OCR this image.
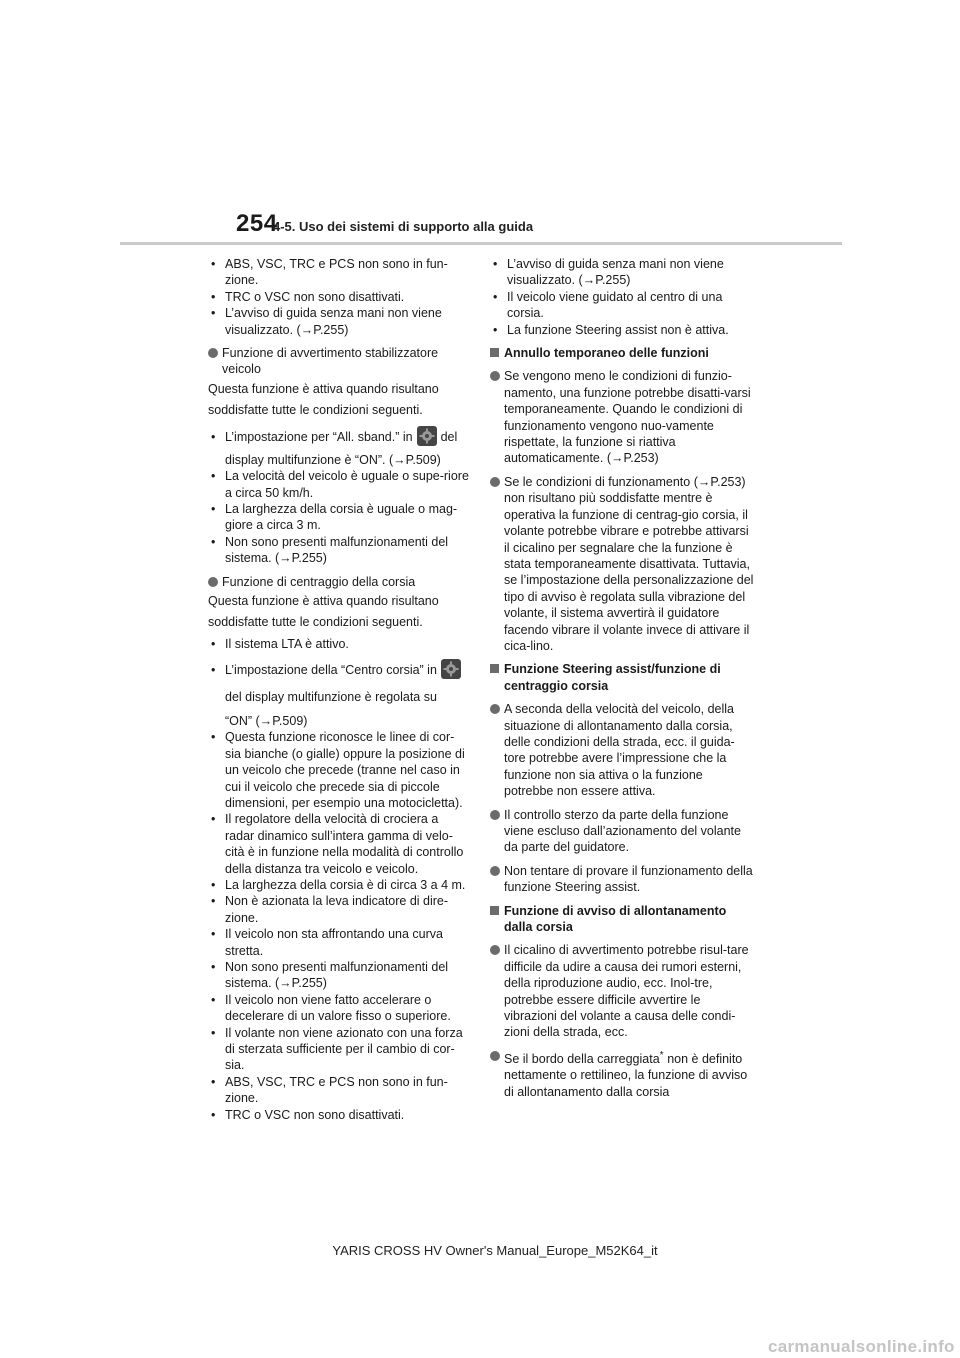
254
4-5. Uso dei sistemi di supporto alla guida
• ABS, VSC, TRC e PCS non sono in fun-zione.
• TRC o VSC non sono disattivati.
• L’avviso di guida senza mani non viene visualizzato. (→P.255)
Funzione di avvertimento stabilizzatore veicolo
Questa funzione è attiva quando risultano
soddisfatte tutte le condizioni seguenti.
• L’impostazione per “All. sband.” in del
display multifunzione è “ON”. (→P.509)
• La velocità del veicolo è uguale o supe-riore a circa 50 km/h.
• La larghezza della corsia è uguale o mag-giore a circa 3 m.
• Non sono presenti malfunzionamenti del sistema. (→P.255)
Funzione di centraggio della corsia
Questa funzione è attiva quando risultano
soddisfatte tutte le condizioni seguenti.
• Il sistema LTA è attivo.
• L’impostazione della “Centro corsia” in
del display multifunzione è regolata su
“ON” (→P.509)
• Questa funzione riconosce le linee di cor-sia bianche (o gialle) oppure la posizione di un veicolo che precede (tranne nel caso in cui il veicolo che precede sia di piccole dimensioni, per esempio una motocicletta).
• Il regolatore della velocità di crociera a radar dinamico sull’intera gamma di velo-cità è in funzione nella modalità di controllo della distanza tra veicolo e veicolo.
• La larghezza della corsia è di circa 3 a 4 m.
• Non è azionata la leva indicatore di dire-zione.
• Il veicolo non sta affrontando una curva stretta.
• Non sono presenti malfunzionamenti del sistema. (→P.255)
• Il veicolo non viene fatto accelerare o decelerare di un valore fisso o superiore.
• Il volante non viene azionato con una forza di sterzata sufficiente per il cambio di cor-sia.
• ABS, VSC, TRC e PCS non sono in fun-zione.
• TRC o VSC non sono disattivati.
• L’avviso di guida senza mani non viene visualizzato. (→P.255)
• Il veicolo viene guidato al centro di una corsia.
• La funzione Steering assist non è attiva.
Annullo temporaneo delle funzioni
Se vengono meno le condizioni di funzio-namento, una funzione potrebbe disatti-varsi temporaneamente. Quando le condizioni di funzionamento vengono nuo-vamente rispettate, la funzione si riattiva automaticamente. (→P.253)
Se le condizioni di funzionamento (→P.253) non risultano più soddisfatte mentre è operativa la funzione di centrag-gio corsia, il volante potrebbe vibrare e potrebbe attivarsi il cicalino per segnalare che la funzione è stata temporaneamente disattivata. Tuttavia, se l’impostazione della personalizzazione del tipo di avviso è regolata sulla vibrazione del volante, il sistema avvertirà il guidatore facendo vibrare il volante invece di attivare il cica-lino.
Funzione Steering assist/funzione di centraggio corsia
A seconda della velocità del veicolo, della situazione di allontanamento dalla corsia, delle condizioni della strada, ecc. il guida-tore potrebbe avere l’impressione che la funzione non sia attiva o la funzione potrebbe non essere attiva.
Il controllo sterzo da parte della funzione viene escluso dall’azionamento del volante da parte del guidatore.
Non tentare di provare il funzionamento della funzione Steering assist.
Funzione di avviso di allontanamento dalla corsia
Il cicalino di avvertimento potrebbe risul-tare difficile da udire a causa dei rumori esterni, della riproduzione audio, ecc. Inol-tre, potrebbe essere difficile avvertire le vibrazioni del volante a causa delle condi-zioni della strada, ecc.
Se il bordo della carreggiata* non è definito nettamente o rettilineo, la funzione di avviso di allontanamento dalla corsia
YARIS CROSS HV Owner's Manual_Europe_M52K64_it
carmanualsonline.info
